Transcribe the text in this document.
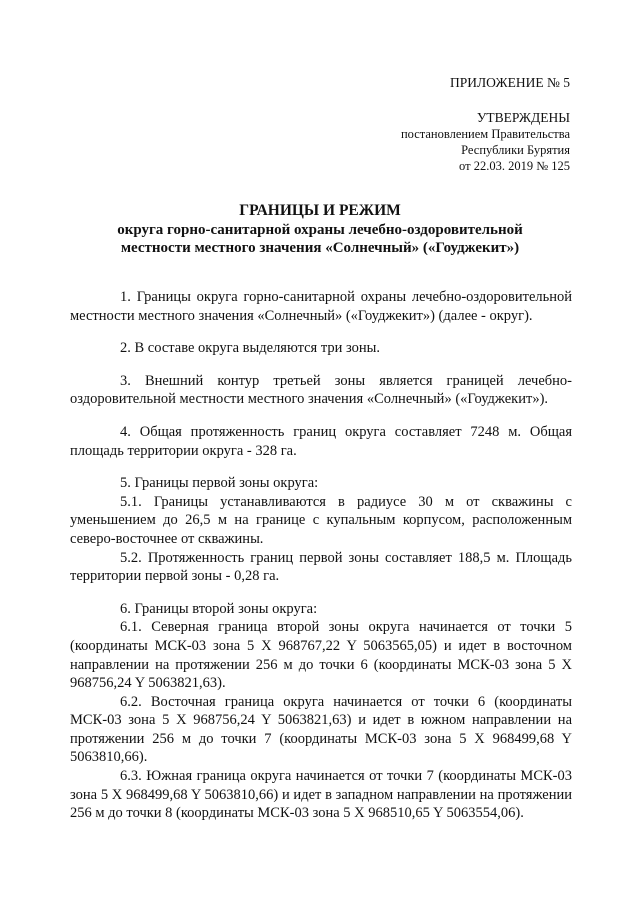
ПРИЛОЖЕНИЕ № 5
УТВЕРЖДЕНЫ
постановлением Правительства
Республики Бурятия
от 22.03. 2019 № 125
ГРАНИЦЫ И РЕЖИМ
округа горно-санитарной охраны лечебно-оздоровительной
местности местного значения «Солнечный» («Гоуджекит»)

1. Границы округа горно-санитарной охраны лечебно-оздоровительной местности местного значения «Солнечный» («Гоуджекит») (далее - округ).

2. В составе округа выделяются три зоны.

3. Внешний контур третьей зоны является границей лечебно-оздоровительной местности местного значения «Солнечный» («Гоуджекит»).

4. Общая протяженность границ округа составляет 7248 м. Общая площадь территории округа - 328 га.

5. Границы первой зоны округа:

5.1. Границы устанавливаются в радиусе 30 м от скважины с уменьшением до 26,5 м на границе с купальным корпусом, расположенным северо-восточнее от скважины.

5.2. Протяженность границ первой зоны составляет 188,5 м. Площадь территории первой зоны - 0,28 га.

6. Границы второй зоны округа:

6.1. Северная граница второй зоны округа начинается от точки 5 (координаты МСК-03 зона 5 X 968767,22 Y 5063565,05) и идет в восточном направлении на протяжении 256 м до точки 6 (координаты МСК-03 зона 5 X 968756,24 Y 5063821,63).

6.2. Восточная граница округа начинается от точки 6 (координаты МСК-03 зона 5 X 968756,24 Y 5063821,63) и идет в южном направлении на протяжении 256 м до точки 7 (координаты МСК-03 зона 5 X 968499,68 Y 5063810,66).

6.3. Южная граница округа начинается от точки 7 (координаты МСК-03 зона 5 X 968499,68 Y 5063810,66) и идет в западном направлении на протяжении 256 м до точки 8 (координаты МСК-03 зона 5 X 968510,65 Y 5063554,06).
